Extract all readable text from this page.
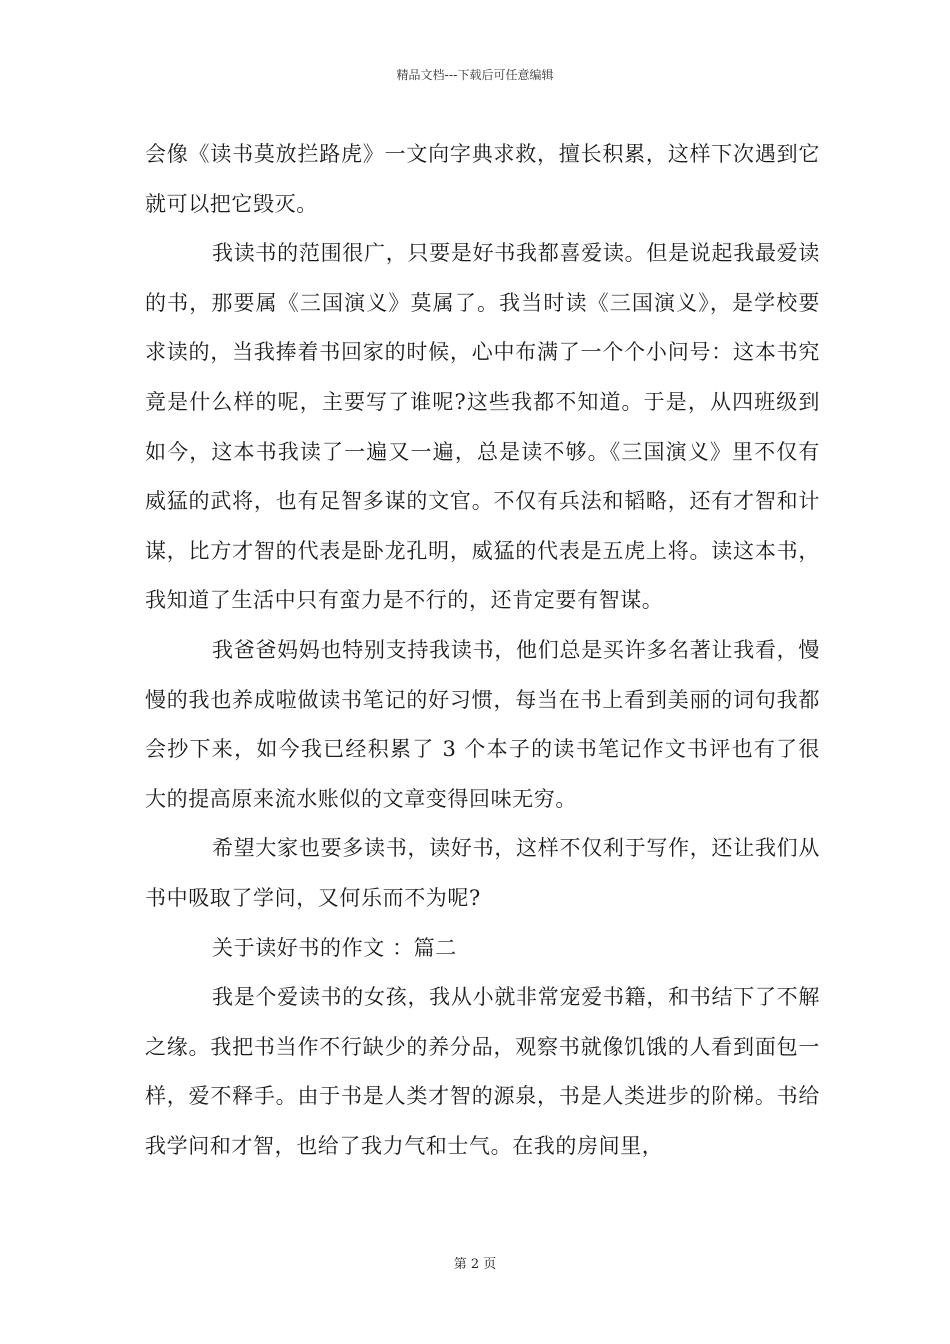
精品文档---下载后可任意编辑

会像《读书莫放拦路虎》一文向字典求救，擅长积累，这样下次遇到它就可以把它毁灭。

我读书的范围很广，只要是好书我都喜爱读。但是说起我最爱读的书，那要属《三国演义》莫属了。我当时读《三国演义》，是学校要求读的，当我捧着书回家的时候，心中布满了一个个小问号：这本书究竟是什么样的呢，主要写了谁呢?这些我都不知道。于是，从四班级到如今，这本书我读了一遍又一遍，总是读不够。《三国演义》里不仅有威猛的武将，也有足智多谋的文官。不仅有兵法和韬略，还有才智和计谋，比方才智的代表是卧龙孔明，威猛的代表是五虎上将。读这本书，我知道了生活中只有蛮力是不行的，还肯定要有智谋。

我爸爸妈妈也特别支持我读书，他们总是买许多名著让我看，慢慢的我也养成啦做读书笔记的好习惯，每当在书上看到美丽的词句我都会抄下来，如今我已经积累了 3 个本子的读书笔记作文书评也有了很大的提高原来流水账似的文章变得回味无穷。

希望大家也要多读书，读好书，这样不仅利于写作，还让我们从书中吸取了学问，又何乐而不为呢?

关于读好书的作文 ：篇二

我是个爱读书的女孩，我从小就非常宠爱书籍，和书结下了不解之缘。我把书当作不行缺少的养分品，观察书就像饥饿的人看到面包一样，爱不释手。由于书是人类才智的源泉，书是人类进步的阶梯。书给我学问和才智，也给了我力气和士气。在我的房间里，

第 2 页
